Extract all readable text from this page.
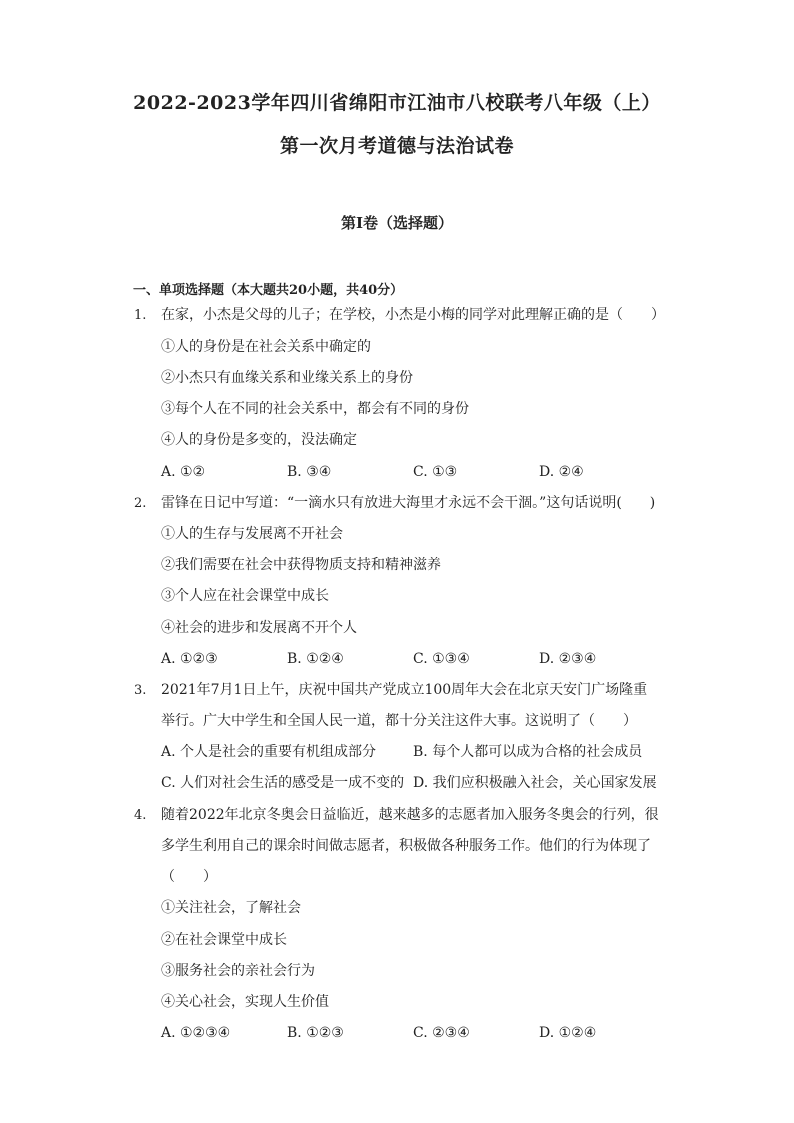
2022-2023学年四川省绵阳市江油市八校联考八年级（上）
第一次月考道德与法治试卷
第I卷（选择题）
一、单项选择题（本大题共20小题，共40分）
1. 在家，小杰是父母的儿子；在学校，小杰是小梅的同学对此理解正确的是（　　）
①人的身份是在社会关系中确定的
②小杰只有血缘关系和业缘关系上的身份
③每个人在不同的社会关系中，都会有不同的身份
④人的身份是多变的，没法确定
A. ①②	B. ③④	C. ①③	D. ②④
2. 雷锋在日记中写道：“一滴水只有放进大海里才永远不会干涸。”这句话说明(　　)
①人的生存与发展离不开社会
②我们需要在社会中获得物质支持和精神滋养
③个人应在社会课堂中成长
④社会的进步和发展离不开个人
A. ①②③	B. ①②④	C. ①③④	D. ②③④
3. 2021年7月1日上午，庆祝中国共产党成立100周年大会在北京天安门广场隆重
举行。广大中学生和全国人民一道，都十分关注这件大事。这说明了（　　）
A. 个人是社会的重要有机组成部分	B. 每个人都可以成为合格的社会成员
C. 人们对社会生活的感受是一成不变的 D. 我们应积极融入社会，关心国家发展
4. 随着2022年北京冬奥会日益临近，越来越多的志愿者加入服务冬奥会的行列，很
多学生利用自己的课余时间做志愿者，积极做各种服务工作。他们的行为体现了
（　　）
①关注社会，了解社会
②在社会课堂中成长
③服务社会的亲社会行为
④关心社会，实现人生价值
A. ①②③④	B. ①②③	C. ②③④	D. ①②④
